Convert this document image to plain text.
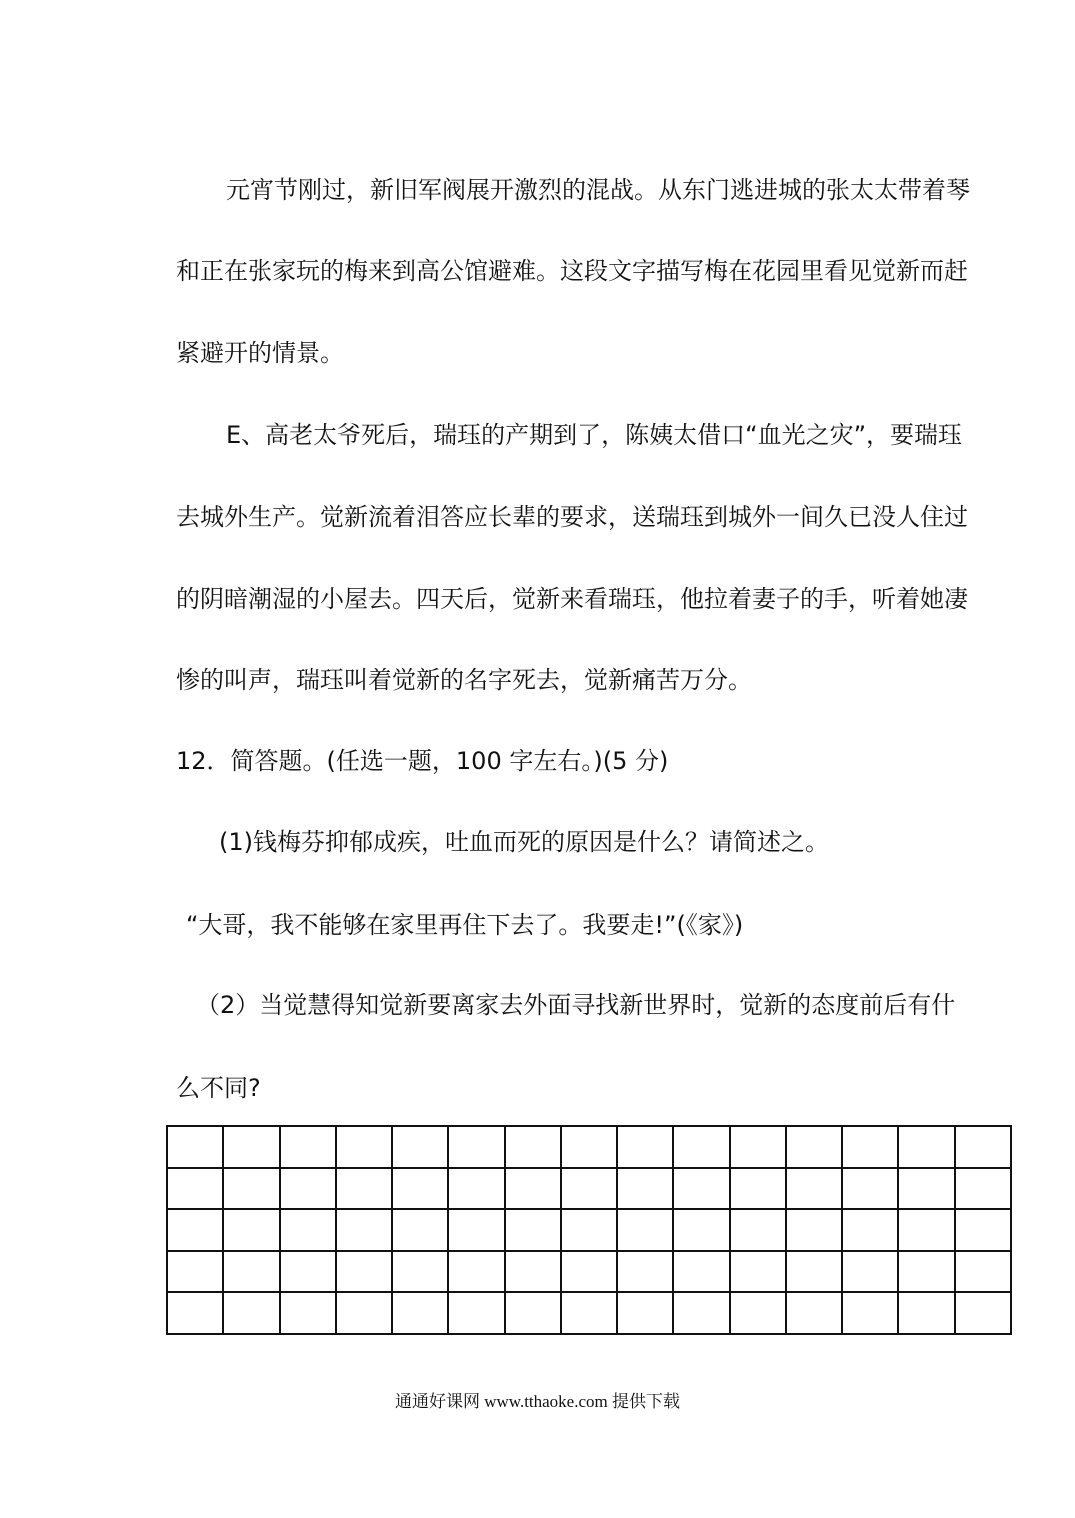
元宵节刚过，新旧军阀展开激烈的混战。从东门逃进城的张太太带着琴
和正在张家玩的梅来到高公馆避难。这段文字描写梅在花园里看见觉新而赶
紧避开的情景。
E、高老太爷死后，瑞珏的产期到了，陈姨太借口“血光之灾”，要瑞珏
去城外生产。觉新流着泪答应长辈的要求，送瑞珏到城外一间久已没人住过
的阴暗潮湿的小屋去。四天后，觉新来看瑞珏，他拉着妻子的手，听着她凄
惨的叫声，瑞珏叫着觉新的名字死去，觉新痛苦万分。
12．简答题。(任选一题，100 字左右。)(5 分)
(1)钱梅芬抑郁成疾，吐血而死的原因是什么？请简述之。
“大哥，我不能够在家里再住下去了。我要走!”(《家》)
（2）当觉慧得知觉新要离家去外面寻找新世界时，觉新的态度前后有什
么不同?
通通好课网 www.tthaoke.com 提供下载
